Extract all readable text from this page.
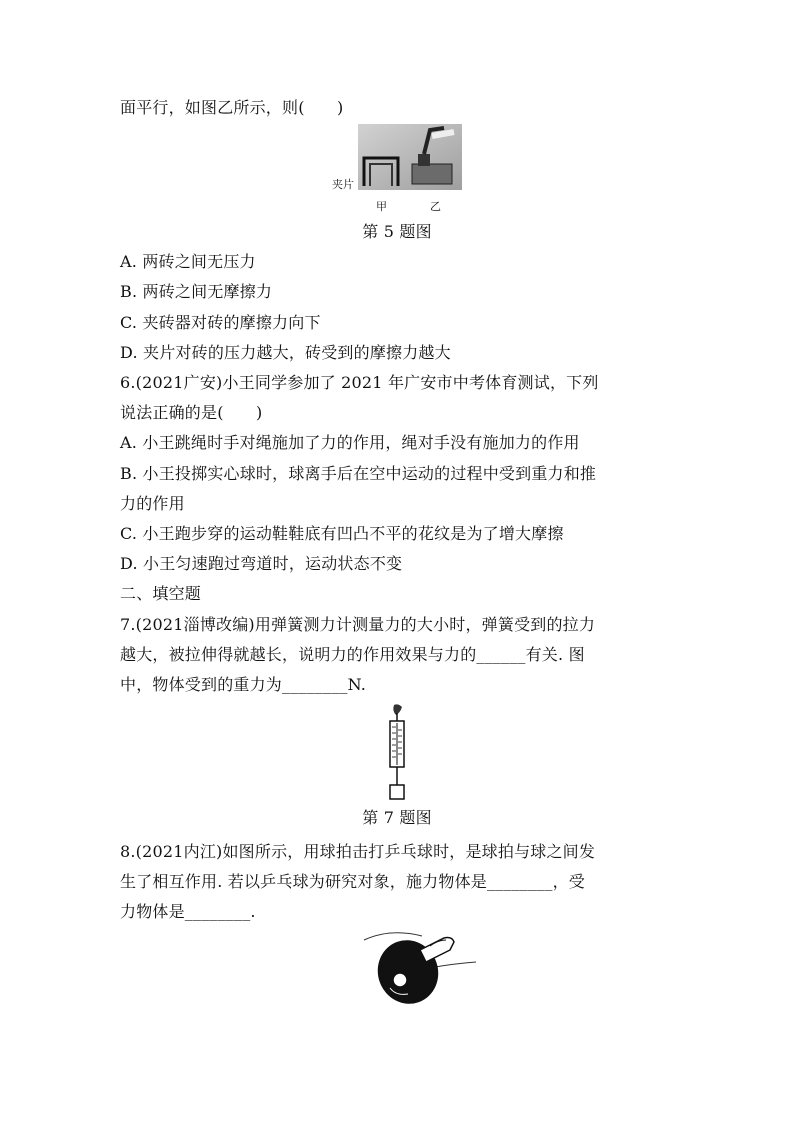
面平行，如图乙所示，则(　　)
夹片
甲	乙
第 5 题图
A. 两砖之间无压力
B. 两砖之间无摩擦力
C. 夹砖器对砖的摩擦力向下
D. 夹片对砖的压力越大，砖受到的摩擦力越大
6.(2021广安)小王同学参加了 2021 年广安市中考体育测试，下列
说法正确的是(　　)
A. 小王跳绳时手对绳施加了力的作用，绳对手没有施加力的作用
B. 小王投掷实心球时，球离手后在空中运动的过程中受到重力和推
力的作用
C. 小王跑步穿的运动鞋鞋底有凹凸不平的花纹是为了增大摩擦
D. 小王匀速跑过弯道时，运动状态不变
二、填空题
7.(2021淄博改编)用弹簧测力计测量力的大小时，弹簧受到的拉力
越大，被拉伸得就越长，说明力的作用效果与力的______有关. 图
中，物体受到的重力为________N.
第 7 题图
8.(2021内江)如图所示，用球拍击打乒乓球时，是球拍与球之间发
生了相互作用. 若以乒乓球为研究对象，施力物体是________，受
力物体是________.
